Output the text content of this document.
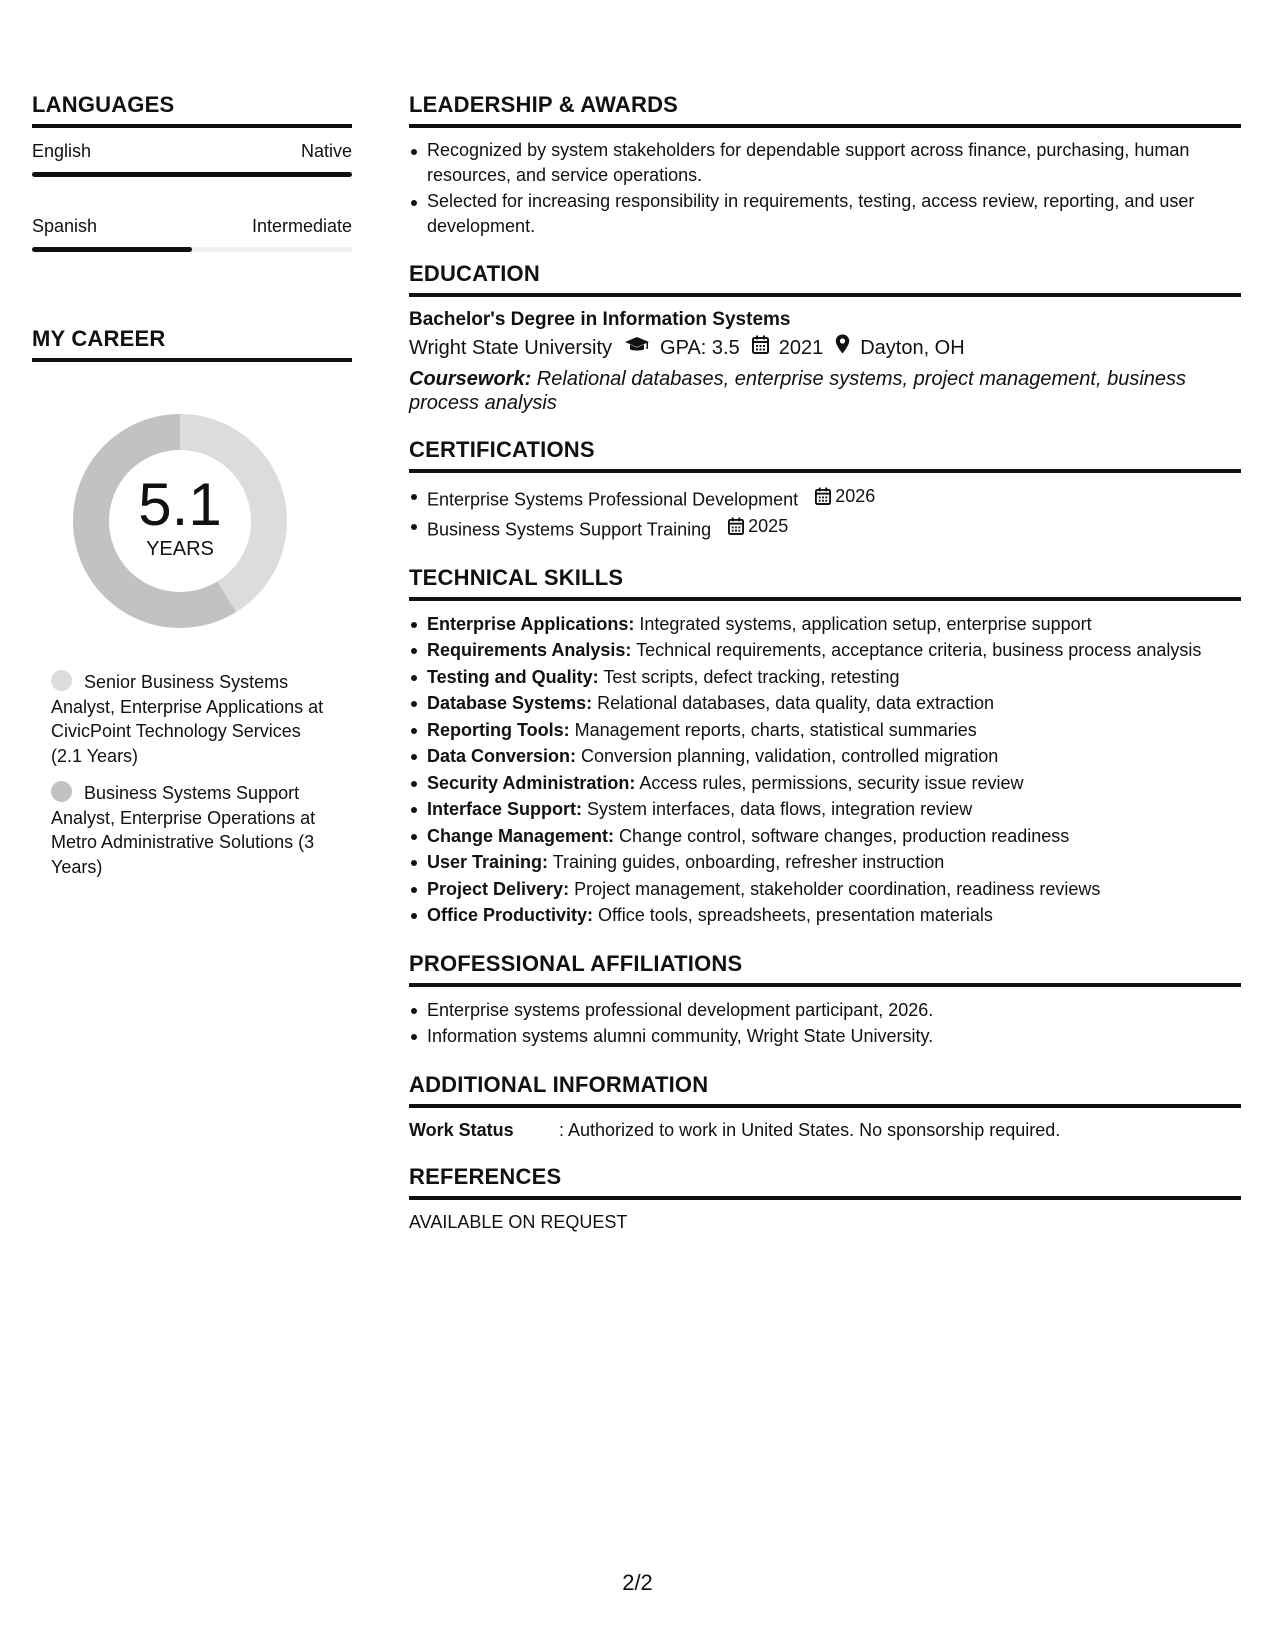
LANGUAGES
English	Native
Spanish	Intermediate
MY CAREER
5.1
YEARS
Senior Business Systems Analyst, Enterprise Applications at CivicPoint Technology Services (2.1 Years)
Business Systems Support Analyst, Enterprise Operations at Metro Administrative Solutions (3 Years)
LEADERSHIP & AWARDS
Recognized by system stakeholders for dependable support across finance, purchasing, human resources, and service operations.
Selected for increasing responsibility in requirements, testing, access review, reporting, and user development.
EDUCATION
Bachelor's Degree in Information Systems
Wright State University GPA: 3.5 2021 Dayton, OH
Coursework: Relational databases, enterprise systems, project management, business process analysis
CERTIFICATIONS
Enterprise Systems Professional Development 2026
Business Systems Support Training 2025
TECHNICAL SKILLS
Enterprise Applications: Integrated systems, application setup, enterprise support
Requirements Analysis: Technical requirements, acceptance criteria, business process analysis
Testing and Quality: Test scripts, defect tracking, retesting
Database Systems: Relational databases, data quality, data extraction
Reporting Tools: Management reports, charts, statistical summaries
Data Conversion: Conversion planning, validation, controlled migration
Security Administration: Access rules, permissions, security issue review
Interface Support: System interfaces, data flows, integration review
Change Management: Change control, software changes, production readiness
User Training: Training guides, onboarding, refresher instruction
Project Delivery: Project management, stakeholder coordination, readiness reviews
Office Productivity: Office tools, spreadsheets, presentation materials
PROFESSIONAL AFFILIATIONS
Enterprise systems professional development participant, 2026.
Information systems alumni community, Wright State University.
ADDITIONAL INFORMATION
Work Status	: Authorized to work in United States. No sponsorship required.
REFERENCES
AVAILABLE ON REQUEST
2/2
